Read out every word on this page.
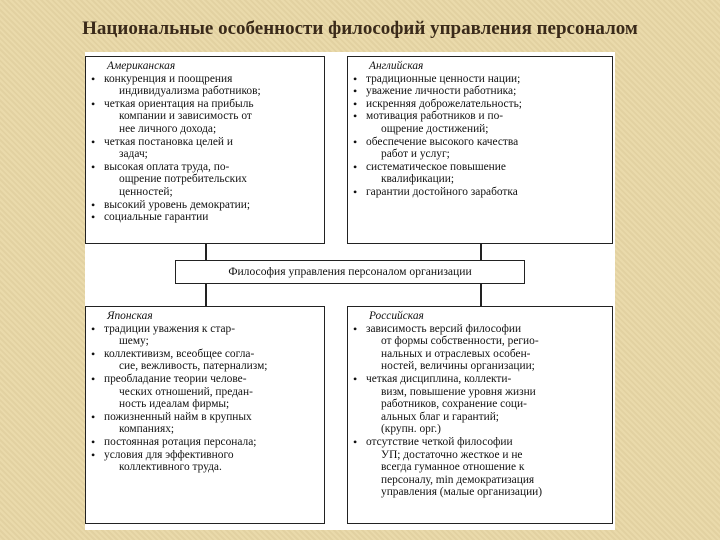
Национальные особенности философий управления персоналом
Американская
• конкуренция и поощрения
индивидуализма работников;
• четкая ориентация на прибыль
компании и зависимость от
нее личного дохода;
• четкая постановка целей и
задач;
• высокая оплата труда, по-
ощрение потребительских
ценностей;
• высокий уровень демократии;
• социальные гарантии
Английская
• традиционные ценности нации;
• уважение личности работника;
• искренняя доброжелательность;
• мотивация работников и по-
ощрение достижений;
• обеспечение высокого качества
работ и услуг;
• систематическое повышение
квалификации;
• гарантии достойного заработка
Философия управления персоналом организации
Японская
• традиции уважения к стар-
шему;
• коллективизм, всеобщее согла-
сие, вежливость, патернализм;
• преобладание теории челове-
ческих отношений, предан-
ность идеалам фирмы;
• пожизненный найм в крупных
компаниях;
• постоянная ротация персонала;
• условия для эффективного
коллективного труда.
Российская
• зависимость версий философии
от формы собственности, регио-
нальных и отраслевых особен-
ностей, величины организации;
• четкая дисциплина, коллекти-
визм, повышение уровня жизни
работников, сохранение соци-
альных благ и гарантий;
(крупн. орг.)
• отсутствие четкой философии
УП; достаточно жесткое и не
всегда гуманное отношение к
персоналу, min демократизация
управления (малые организации)
